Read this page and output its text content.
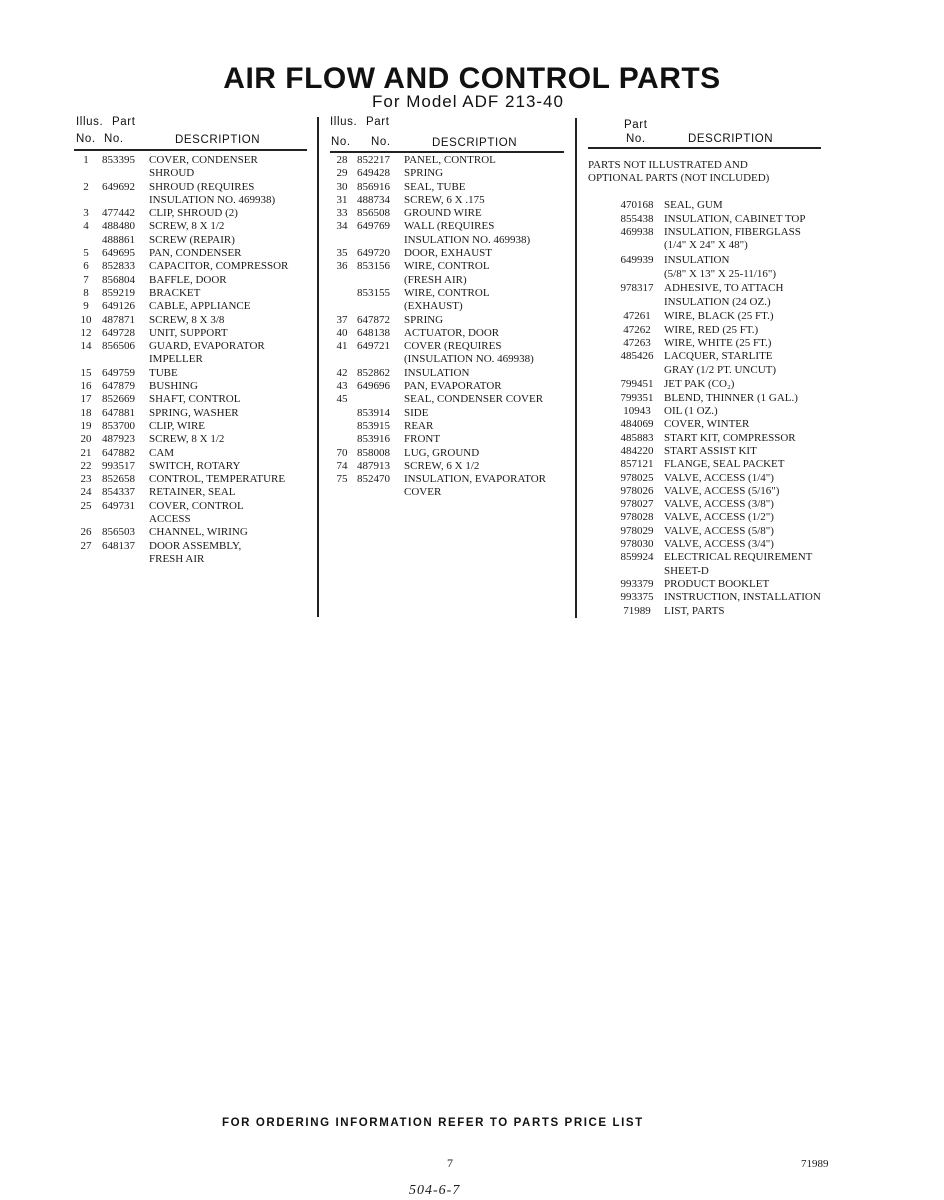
AIR FLOW AND CONTROL PARTS
For Model ADF 213-40
Illus. Part
No. No.	DESCRIPTION
Illus. Part
No. No.	DESCRIPTION
Part
No.	DESCRIPTION
1 853395 COVER, CONDENSER
SHROUD
2 649692 SHROUD (REQUIRES
INSULATION NO. 469938)
3 477442 CLIP, SHROUD (2)
4 488480 SCREW, 8 X 1/2
488861 SCREW (REPAIR)
5 649695 PAN, CONDENSER
6 852833 CAPACITOR, COMPRESSOR
7 856804 BAFFLE, DOOR
8 859219 BRACKET
9 649126 CABLE, APPLIANCE
10 487871 SCREW, 8 X 3/8
12 649728 UNIT, SUPPORT
14 856506 GUARD, EVAPORATOR
IMPELLER
15 649759 TUBE
16 647879 BUSHING
17 852669 SHAFT, CONTROL
18 647881 SPRING, WASHER
19 853700 CLIP, WIRE
20 487923 SCREW, 8 X 1/2
21 647882 CAM
22 993517 SWITCH, ROTARY
23 852658 CONTROL, TEMPERATURE
24 854337 RETAINER, SEAL
25 649731 COVER, CONTROL
ACCESS
26 856503 CHANNEL, WIRING
27 648137 DOOR ASSEMBLY,
FRESH AIR
28 852217 PANEL, CONTROL
29 649428 SPRING
30 856916 SEAL, TUBE
31 488734 SCREW, 6 X .175
33 856508 GROUND WIRE
34 649769 WALL (REQUIRES
INSULATION NO. 469938)
35 649720 DOOR, EXHAUST
36 853156 WIRE, CONTROL
(FRESH AIR)
853155 WIRE, CONTROL
(EXHAUST)
37 647872 SPRING
40 648138 ACTUATOR, DOOR
41 649721 COVER (REQUIRES
(INSULATION NO. 469938)
42 852862 INSULATION
43 649696 PAN, EVAPORATOR
45	SEAL, CONDENSER COVER
853914 SIDE
853915 REAR
853916 FRONT
70 858008 LUG, GROUND
74 487913 SCREW, 6 X 1/2
75 852470 INSULATION, EVAPORATOR
COVER
PARTS NOT ILLUSTRATED AND
OPTIONAL PARTS (NOT INCLUDED)
470168 SEAL, GUM
855438 INSULATION, CABINET TOP
469938 INSULATION, FIBERGLASS
(1/4" X 24" X 48")
649939 INSULATION
(5/8" X 13" X 25-11/16")
978317 ADHESIVE, TO ATTACH
INSULATION (24 OZ.)
47261 WIRE, BLACK (25 FT.)
47262 WIRE, RED (25 FT.)
47263 WIRE, WHITE (25 FT.)
485426 LACQUER, STARLITE
GRAY (1/2 PT. UNCUT)
799451 JET PAK (CO₂)
799351 BLEND, THINNER (1 GAL.)
10943 OIL (1 OZ.)
484069 COVER, WINTER
485883 START KIT, COMPRESSOR
484220 START ASSIST KIT
857121 FLANGE, SEAL PACKET
978025 VALVE, ACCESS (1/4")
978026 VALVE, ACCESS (5/16")
978027 VALVE, ACCESS (3/8")
978028 VALVE, ACCESS (1/2")
978029 VALVE, ACCESS (5/8")
978030 VALVE, ACCESS (3/4")
859924 ELECTRICAL REQUIREMENT
SHEET-D
993379 PRODUCT BOOKLET
993375 INSTRUCTION, INSTALLATION
71989 LIST, PARTS
FOR ORDERING INFORMATION REFER TO PARTS PRICE LIST
7	71989
504-6-7
